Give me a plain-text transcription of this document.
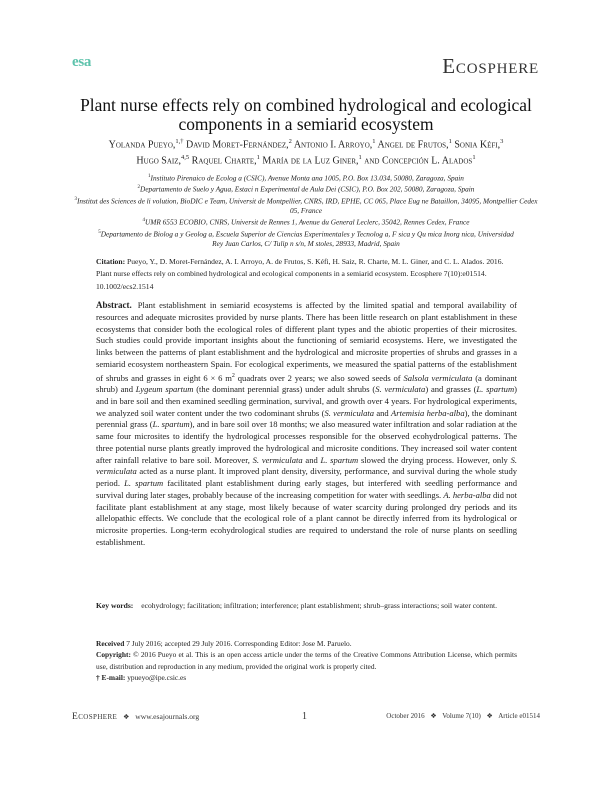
esa	Ecosphere
Plant nurse effects rely on combined hydrological and ecological
components in a semiarid ecosystem
Yolanda Pueyo,$^{1,\dagger}$ David Moret-Fernández,$^2$ Antonio I. Arroyo,$^1$ Angel de Frutos,$^1$ Sonia Kéfi,$^3$
Hugo Saiz,$^{4,5}$ Raquel Charte,$^1$ María de la Luz Giner,$^1$ and Concepción L. Alados$^1$
$^1$Instituto Pirenaico de Ecolog a (CSIC), Avenue Monta ana 1005, P.O. Box 13.034, 50080, Zaragoza, Spain
$^2$Departamento de Suelo y Agua, Estaci n Experimental de Aula Dei (CSIC), P.O. Box 202, 50080, Zaragoza, Spain
$^3$Institut des Sciences de li volution, BioDIC e Team, Universit de Montpellier, CNRS, IRD, EPHE, CC 065, Place Eug ne Bataillon, 34095, Montpellier Cedex 05, France
$^4$UMR 6553 ECOBIO, CNRS, Universit de Rennes 1, Avenue du General Leclerc, 35042, Rennes Cedex, France
$^5$Departamento de Biolog a y Geolog a, Escuela Superior de Ciencias Experimentales y Tecnolog a, F sica y Qu mica Inorg nica, Universidad Rey Juan Carlos, C/ Tulip n s/n, M stoles, 28933, Madrid, Spain
Citation: Pueyo, Y., D. Moret-Fernández, A. I. Arroyo, A. de Frutos, S. Kéfi, H. Saiz, R. Charte, M. L. Giner, and C. L. Alados. 2016. Plant nurse effects rely on combined hydrological and ecological components in a semiarid ecosystem. Ecosphere 7(10):e01514. 10.1002/ecs2.1514
Abstract. Plant establishment in semiarid ecosystems is affected by the limited spatial and temporal availability of resources and adequate microsites provided by nurse plants. There has been little research on plant establishment in these ecosystems that consider both the ecological roles of different plant types and the abiotic properties of their microsites. Such studies could provide important insights about the functioning of semiarid ecosystems. Here, we investigated the links between the patterns of plant establishment and the hydrological and microsite properties of shrubs and grasses in a semiarid ecosystem northeastern Spain. For ecological experiments, we measured the spatial patterns of the establishment of shrubs and grasses in eight 6 × 6 $m^2$ quadrats over 2 years; we also sowed seeds of Salsola vermiculata (a dominant shrub) and Lygeum spartum (the dominant perennial grass) under adult shrubs (S. vermiculata) and grasses (L. spartum) and in bare soil and then examined seedling germination, survival, and growth over 4 years. For hydrological experiments, we analyzed soil water content under the two codominant shrubs (S. vermiculata and Artemisia herba-alba), the dominant perennial grass (L. spartum), and in bare soil over 18 months; we also measured water infiltration and solar radiation at the same four microsites to identify the hydrological processes responsible for the observed ecohydrological patterns. The three potential nurse plants greatly improved the hydrological and microsite conditions. They increased soil water content after rainfall relative to bare soil. Moreover, S. vermiculata and L. spartum slowed the drying process. However, only S. vermiculata acted as a nurse plant. It improved plant density, diversity, performance, and survival during the whole study period. L. spartum facilitated plant establishment during early stages, but interfered with seedling performance and survival during later stages, probably because of the increasing competition for water with seedlings. A. herba-alba did not facilitate plant establishment at any stage, most likely because of water scarcity during prolonged dry periods and its allelopathic effects. We conclude that the ecological role of a plant cannot be directly inferred from its hydrological or microsite properties. Long-term ecohydrological studies are required to understand the role of nurse plants on seedling establishment.
Key words: ecohydrology; facilitation; infiltration; interference; plant establishment; shrub–grass interactions; soil water content.
Received 7 July 2016; accepted 29 July 2016. Corresponding Editor: Jose M. Paruelo.
Copyright: © 2016 Pueyo et al. This is an open access article under the terms of the Creative Commons Attribution License, which permits use, distribution and reproduction in any medium, provided the original work is properly cited.
† E-mail: ypueyo@ipe.csic.es
Ecosphere ❖ www.esajournals.org	1	October 2016 ❖ Volume 7(10) ❖ Article e01514
